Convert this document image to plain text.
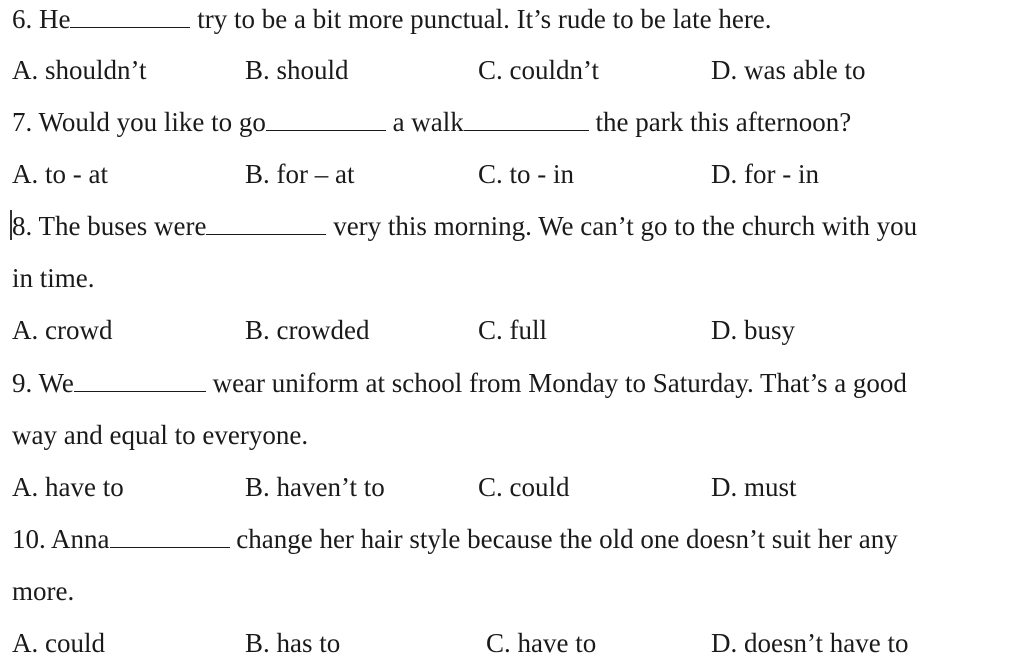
6. He	try to be a bit more punctual. It’s rude to be late here.
A. shouldn’t	B. should	C. couldn’t	D. was able to
7. Would you like to go	a walk	the park this afternoon?
A. to - at	B. for – at	C. to - in	D. for - in
8. The buses were	very this morning. We can’t go to the church with you
in time.
A. crowd	B. crowded	C. full	D. busy
9. We	wear uniform at school from Monday to Saturday. That’s a good
way and equal to everyone.
A. have to	B. haven’t to	C. could	D. must
10. Anna	change her hair style because the old one doesn’t suit her any
more.
A. could	B. has to	C. have to	D. doesn’t have to
